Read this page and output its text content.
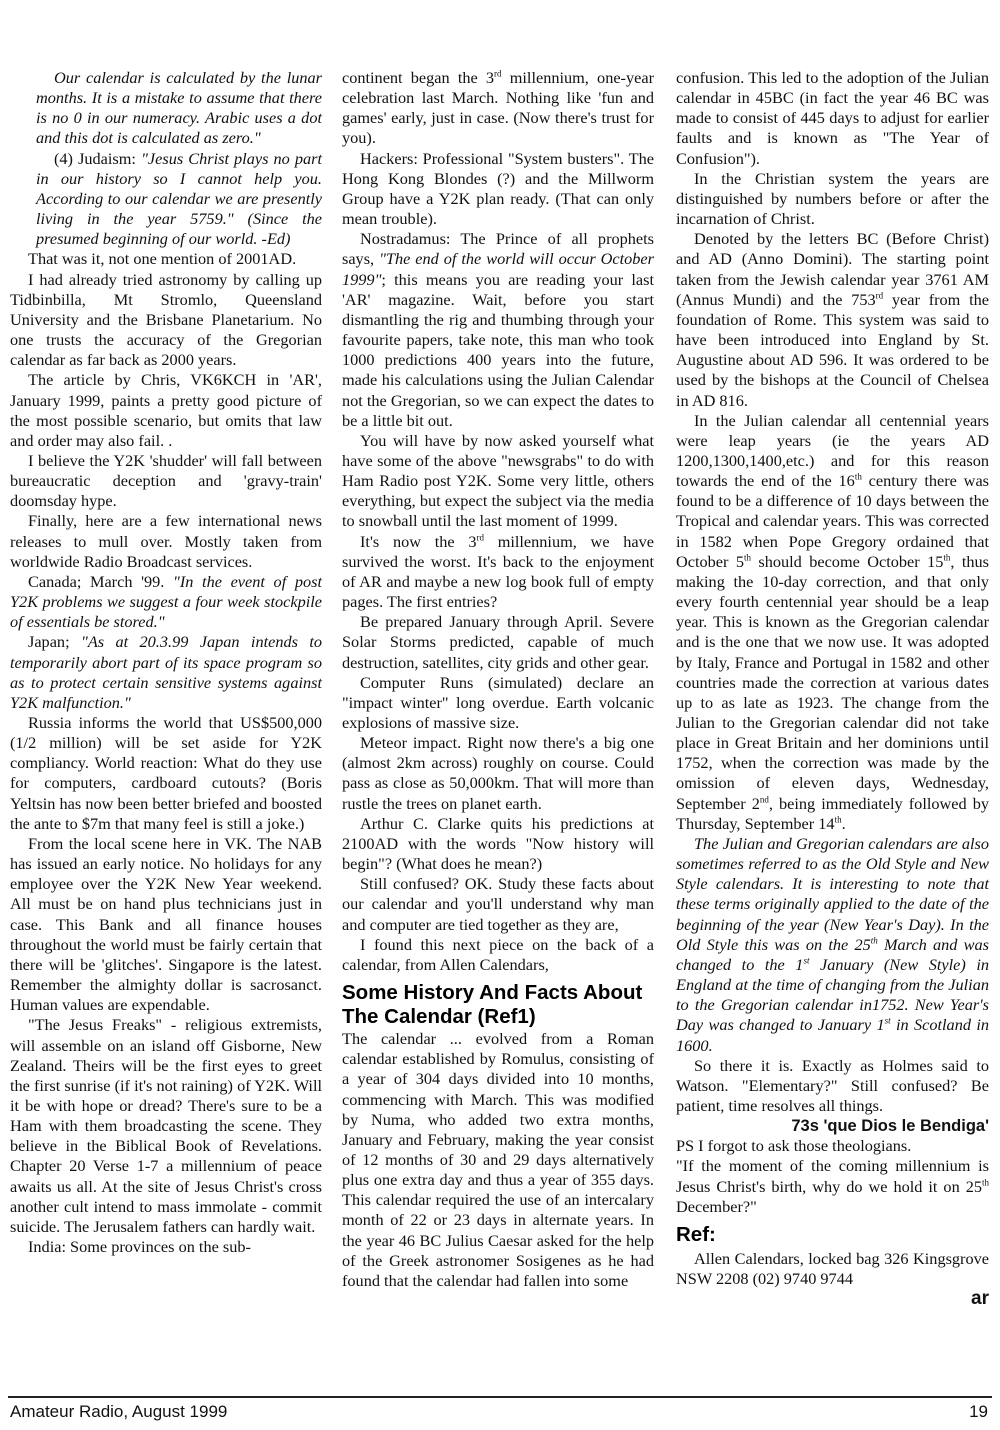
Our calendar is calculated by the lunar months. It is a mistake to assume that there is no 0 in our numeracy. Arabic uses a dot and this dot is calculated as zero."

(4) Judaism: "Jesus Christ plays no part in our history so I cannot help you. According to our calendar we are presently living in the year 5759." (Since the presumed beginning of our world. -Ed)

That was it, not one mention of 2001AD.

I had already tried astronomy by calling up Tidbinbilla, Mt Stromlo, Queensland University and the Brisbane Planetarium. No one trusts the accuracy of the Gregorian calendar as far back as 2000 years.

The article by Chris, VK6KCH in 'AR', January 1999, paints a pretty good picture of the most possible scenario, but omits that law and order may also fail. .

I believe the Y2K 'shudder' will fall between bureaucratic deception and 'gravy-train' doomsday hype.

Finally, here are a few international news releases to mull over. Mostly taken from worldwide Radio Broadcast services.

Canada; March '99. "In the event of post Y2K problems we suggest a four week stockpile of essentials be stored."

Japan; "As at 20.3.99 Japan intends to temporarily abort part of its space program so as to protect certain sensitive systems against Y2K malfunction."

Russia informs the world that US$500,000 (1/2 million) will be set aside for Y2K compliancy. World reaction: What do they use for computers, cardboard cutouts? (Boris Yeltsin has now been better briefed and boosted the ante to $7m that many feel is still a joke.)

From the local scene here in VK. The NAB has issued an early notice. No holidays for any employee over the Y2K New Year weekend. All must be on hand plus technicians just in case. This Bank and all finance houses throughout the world must be fairly certain that there will be 'glitches'. Singapore is the latest. Remember the almighty dollar is sacrosanct. Human values are expendable.

"The Jesus Freaks" - religious extremists, will assemble on an island off Gisborne, New Zealand. Theirs will be the first eyes to greet the first sunrise (if it's not raining) of Y2K. Will it be with hope or dread? There's sure to be a Ham with them broadcasting the scene. They believe in the Biblical Book of Revelations. Chapter 20 Verse 1-7 a millennium of peace awaits us all. At the site of Jesus Christ's cross another cult intend to mass immolate - commit suicide. The Jerusalem fathers can hardly wait.

India: Some provinces on the sub-

continent began the 3rd millennium, one-year celebration last March. Nothing like 'fun and games' early, just in case. (Now there's trust for you).

Hackers: Professional "System busters". The Hong Kong Blondes (?) and the Millworm Group have a Y2K plan ready. (That can only mean trouble).

Nostradamus: The Prince of all prophets says, "The end of the world will occur October 1999"; this means you are reading your last 'AR' magazine. Wait, before you start dismantling the rig and thumbing through your favourite papers, take note, this man who took 1000 predictions 400 years into the future, made his calculations using the Julian Calendar not the Gregorian, so we can expect the dates to be a little bit out.

You will have by now asked yourself what have some of the above "newsgrabs" to do with Ham Radio post Y2K. Some very little, others everything, but expect the subject via the media to snowball until the last moment of 1999.

It's now the 3rd millennium, we have survived the worst. It's back to the enjoyment of AR and maybe a new log book full of empty pages. The first entries?

Be prepared January through April. Severe Solar Storms predicted, capable of much destruction, satellites, city grids and other gear.

Computer Runs (simulated) declare an "impact winter" long overdue. Earth volcanic explosions of massive size.

Meteor impact. Right now there's a big one (almost 2km across) roughly on course. Could pass as close as 50,000km. That will more than rustle the trees on planet earth.

Arthur C. Clarke quits his predictions at 2100AD with the words "Now history will begin"? (What does he mean?)

Still confused? OK. Study these facts about our calendar and you'll understand why man and computer are tied together as they are,

I found this next piece on the back of a calendar, from Allen Calendars,

Some History And Facts About The Calendar (Ref1)

The calendar ... evolved from a Roman calendar established by Romulus, consisting of a year of 304 days divided into 10 months, commencing with March. This was modified by Numa, who added two extra months, January and February, making the year consist of 12 months of 30 and 29 days alternatively plus one extra day and thus a year of 355 days. This calendar required the use of an intercalary month of 22 or 23 days in alternate years. In the year 46 BC Julius Caesar asked for the help of the Greek astronomer Sosigenes as he had found that the calendar had fallen into some

confusion. This led to the adoption of the Julian calendar in 45BC (in fact the year 46 BC was made to consist of 445 days to adjust for earlier faults and is known as "The Year of Confusion").

In the Christian system the years are distinguished by numbers before or after the incarnation of Christ.

Denoted by the letters BC (Before Christ) and AD (Anno Domini). The starting point taken from the Jewish calendar year 3761 AM (Annus Mundi) and the 753rd year from the foundation of Rome. This system was said to have been introduced into England by St. Augustine about AD 596. It was ordered to be used by the bishops at the Council of Chelsea in AD 816.

In the Julian calendar all centennial years were leap years (ie the years AD 1200,1300,1400,etc.) and for this reason towards the end of the 16th century there was found to be a difference of 10 days between the Tropical and calendar years. This was corrected in 1582 when Pope Gregory ordained that October 5th should become October 15th, thus making the 10-day correction, and that only every fourth centennial year should be a leap year. This is known as the Gregorian calendar and is the one that we now use. It was adopted by Italy, France and Portugal in 1582 and other countries made the correction at various dates up to as late as 1923. The change from the Julian to the Gregorian calendar did not take place in Great Britain and her dominions until 1752, when the correction was made by the omission of eleven days, Wednesday, September 2nd, being immediately followed by Thursday, September 14th.

The Julian and Gregorian calendars are also sometimes referred to as the Old Style and New Style calendars. It is interesting to note that these terms originally applied to the date of the beginning of the year (New Year's Day). In the Old Style this was on the 25th March and was changed to the 1st January (New Style) in England at the time of changing from the Julian to the Gregorian calendar in1752. New Year's Day was changed to January 1st in Scotland in 1600.

So there it is. Exactly as Holmes said to Watson. "Elementary?" Still confused? Be patient, time resolves all things.

73s 'que Dios le Bendiga'

PS I forgot to ask those theologians.

"If the moment of the coming millennium is Jesus Christ's birth, why do we hold it on 25th December?"

Ref:

Allen Calendars, locked bag 326 Kingsgrove NSW 2208 (02) 9740 9744

ar

Amateur Radio, August 1999	19
